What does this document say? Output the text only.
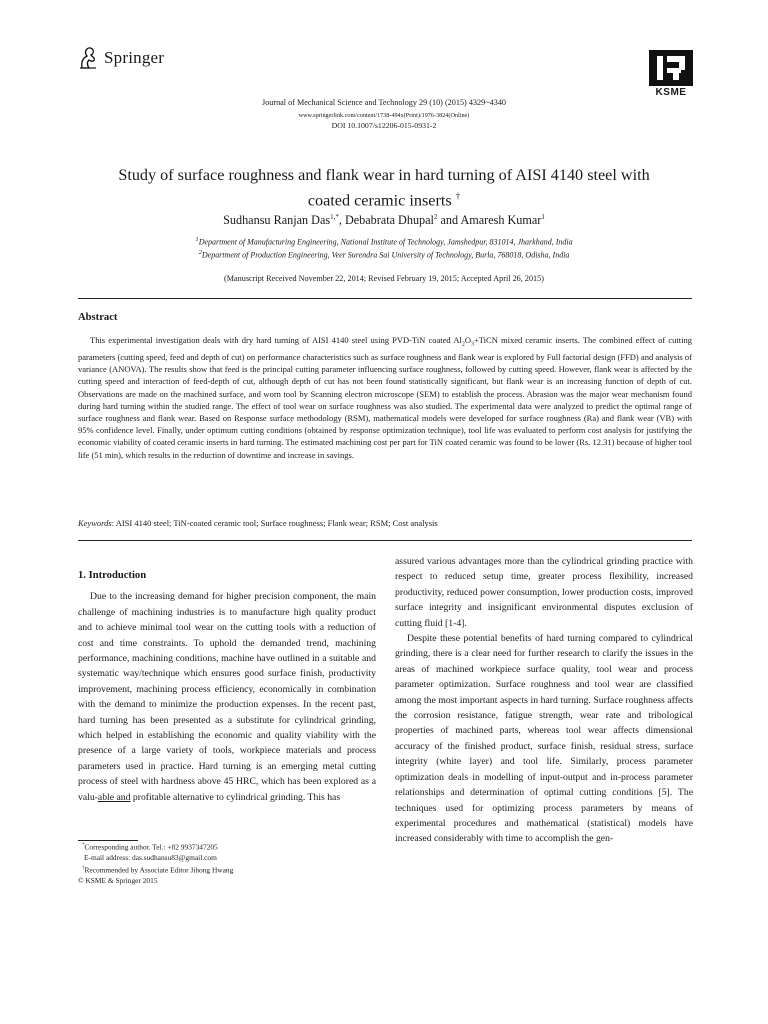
Springer
KSME
Journal of Mechanical Science and Technology 29 (10) (2015) 4329~4340
www.springerlink.com/content/1738-494x(Print)/1976-3824(Online)
DOI 10.1007/s12206-015-0931-2
Study of surface roughness and flank wear in hard turning of AISI 4140 steel with
coated ceramic inserts †
Sudhansu Ranjan Das$^{1,*}$, Debabrata Dhupal$^2$ and Amaresh Kumar$^1$
$^1$Department of Manufacturing Engineering, National Institute of Technology, Jamshedpur, 831014, Jharkhand, India
$^2$Department of Production Engineering, Veer Surendra Sai University of Technology, Burla, 768018, Odisha, India
(Manuscript Received November 22, 2014; Revised February 19, 2015; Accepted April 26, 2015)
Abstract
This experimental investigation deals with dry hard turning of AISI 4140 steel using PVD-TiN coated $Al_2O_3+TiCN$ mixed ceramic inserts. The combined effect of cutting parameters (cutting speed, feed and depth of cut) on performance characteristics such as surface roughness and flank wear is explored by Full factorial design (FFD) and analysis of variance (ANOVA). The results show that feed is the principal cutting parameter influencing surface roughness, followed by cutting speed. However, flank wear is affected by the cutting speed and interaction of feed-depth of cut, although depth of cut has not been found statistically significant, but flank wear is an increasing function of depth of cut. Observations are made on the machined surface, and worn tool by Scanning electron microscope (SEM) to establish the process. Abrasion was the major wear mechanism found during hard turning within the studied range. The effect of tool wear on surface roughness was also studied. The experimental data were analyzed to predict the optimal range of surface roughness and flank wear. Based on Response surface methodology (RSM), mathematical models were developed for surface roughness (Ra) and flank wear (VB) with 95% confidence level. Finally, under optimum cutting conditions (obtained by response optimization technique), tool life was evaluated to perform cost analysis for justifying the economic viability of coated ceramic inserts in hard turning. The estimated machining cost per part for TiN coated ceramic was found to be lower (Rs. 12.31) because of higher tool life (51 min), which results in the reduction of downtime and increase in savings.
Keywords: AISI 4140 steel; TiN-coated ceramic tool; Surface roughness; Flank wear; RSM; Cost analysis
1. Introduction

Due to the increasing demand for higher precision component, the main challenge of machining industries is to manufacture high quality product and to achieve minimal tool wear on the cutting tools with a reduction of cost and time constraints. To uphold the demanded trend, machining performance, machining conditions, machine have outlined in a suitable and systematic way/technique which ensures good surface finish, productivity improvement, machining process efficiency, economically in combination with the demand to minimize the production expenses. In the recent past, hard turning has been presented as a substitute for cylindrical grinding, which helped in establishing the economic and quality viability with the presence of a large variety of tools, workpiece materials and process parameters used in practice. Hard turning is an emerging metal cutting process of steel with hardness above 45 HRC, which has been explored as a valu-able and profitable alternative to cylindrical grinding. This has

assured various advantages more than the cylindrical grinding practice with respect to reduced setup time, greater process flexibility, increased productivity, reduced power consumption, lower production costs, improved surface integrity and insignificant environmental disputes exclusion of cutting fluid [1-4].

Despite these potential benefits of hard turning compared to cylindrical grinding, there is a clear need for further research to clarify the issues in the areas of machined workpiece surface quality, tool wear and process parameter optimization. Surface roughness and tool wear are classified among the most important aspects in hard turning. Surface roughness affects the corrosion resistance, fatigue strength, wear rate and tribological properties of machined parts, whereas tool wear affects dimensional accuracy of the finished product, surface finish, residual stress, surface integrity (white layer) and tool life. Similarly, process parameter optimization deals in modelling of input-output and in-process parameter relationships and determination of optimal cutting conditions [5]. The techniques used for optimizing process parameters by means of experimental procedures and mathematical (statistical) models have increased considerably with time to accomplish the gen-

*Corresponding author. Tel.: +82 9937347205
E-mail address: das.sudhansu83@gmail.com
†Recommended by Associate Editor Jihong Hwang
© KSME & Springer 2015
